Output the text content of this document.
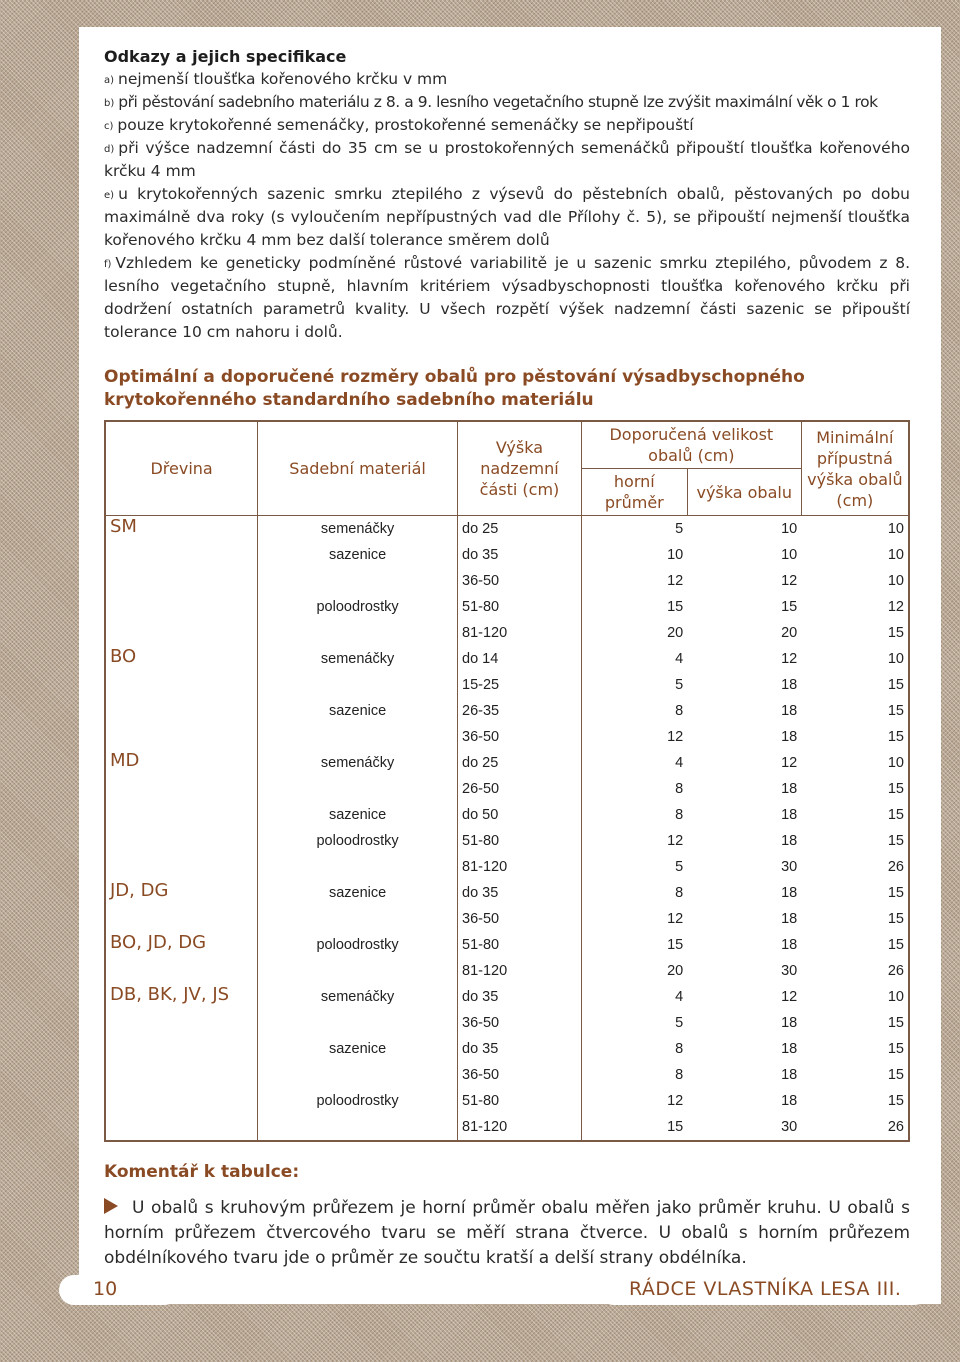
Odkazy a jejich specifikace
$^{a)}$ nejmenší tloušťka kořenového krčku v mm
$^{b)}$ při pěstování sadebního materiálu z 8. a 9. lesního vegetačního stupně lze zvýšit maximální věk o 1 rok
$^{c)}$ pouze krytokořenné semenáčky, prostokořenné semenáčky se nepřipouští
$^{d)}$ při výšce nadzemní části do 35 cm se u prostokořenných semenáčků připouští tloušťka kořenového krčku 4 mm
$^{e)}$ u krytokořenných sazenic smrku ztepilého z výsevů do pěstebních obalů, pěstovaných po dobu maximálně dva roky (s vyloučením nepřípustných vad dle Přílohy č. 5), se připouští nejmenší tloušťka kořenového krčku 4 mm bez další tolerance směrem dolů
$^{f)}$ Vzhledem ke geneticky podmíněné růstové variabilitě je u sazenic smrku ztepilého, původem z 8. lesního vegetačního stupně, hlavním kritériem výsadbyschopnosti tloušťka kořenového krčku při dodržení ostatních parametrů kvality. U všech rozpětí výšek nadzemní části sazenic se připouští tolerance 10 cm nahoru i dolů.
Optimální a doporučené rozměry obalů pro pěstování výsadbyschopného krytokořenného standardního sadebního materiálu
Dřevina	Sadební materiál	Výška nadzemní části (cm)	Doporučená velikost obalů (cm)		Minimální přípustná výška obalů (cm)
			horní průměr	výška obalu	
SM	semenáčky	do 25	5	10	10
	sazenice	do 35	10	10	10
		36-50	12	12	10
	poloodrostky	51-80	15	15	12
		81-120	20	20	15
BO	semenáčky	do 14	4	12	10
		15-25	5	18	15
	sazenice	26-35	8	18	15
		36-50	12	18	15
MD	semenáčky	do 25	4	12	10
		26-50	8	18	15
	sazenice	do 50	8	18	15
	poloodrostky	51-80	12	18	15
		81-120	5	30	26
JD, DG	sazenice	do 35	8	18	15
		36-50	12	18	15
BO, JD, DG	poloodrostky	51-80	15	18	15
		81-120	20	30	26
DB, BK, JV, JS	semenáčky	do 35	4	12	10
		36-50	5	18	15
	sazenice	do 35	8	18	15
		36-50	8	18	15
	poloodrostky	51-80	12	18	15
		81-120	15	30	26
Komentář k tabulce:
U obalů s kruhovým průřezem je horní průměr obalu měřen jako průměr kruhu. U obalů s horním průřezem čtvercového tvaru se měří strana čtverce. U obalů s horním průřezem obdélníkového tvaru jde o průměr ze součtu kratší a delší strany obdélníka.
10	RÁDCE VLASTNÍKA LESA III.
